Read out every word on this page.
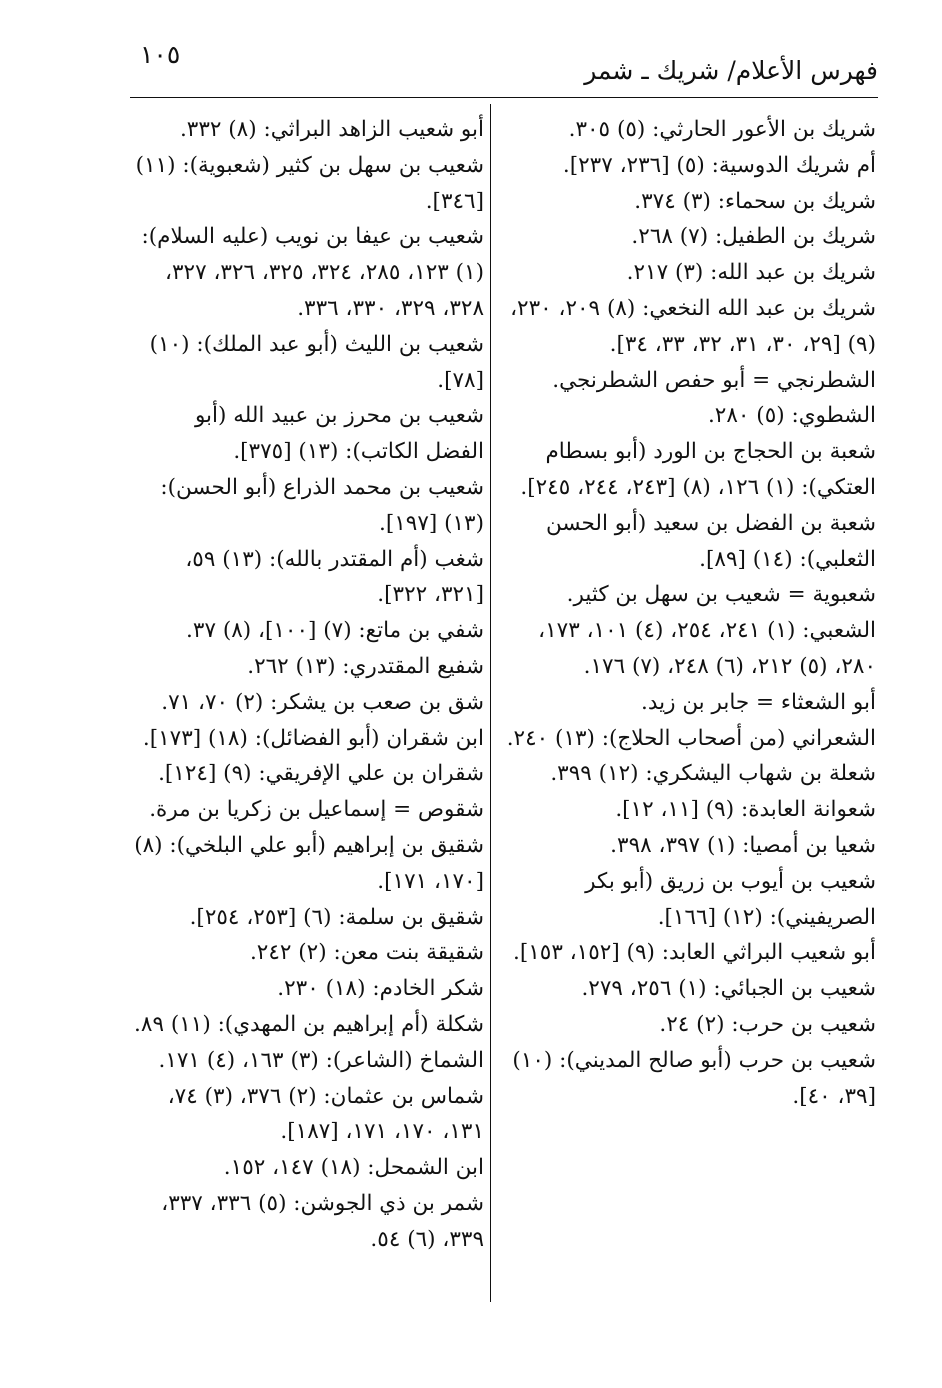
فهرس الأعلام/ شريك ـ شمر
١٠٥

شريك بن الأعور الحارثي: (٥) ٣٠٥.

أم شريك الدوسية: (٥) [٢٣٦، ٢٣٧].

شريك بن سحماء: (٣) ٣٧٤.

شريك بن الطفيل: (٧) ٢٦٨.

شريك بن عبد الله: (٣) ٢١٧.

شريك بن عبد الله النخعي: (٨) ٢٠٩، ٢٣٠، (٩) [٢٩، ٣٠، ٣١، ٣٢، ٣٣، ٣٤].

الشطرنجي = أبو حفص الشطرنجي.

الشطوي: (٥) ٢٨٠.

شعبة بن الحجاج بن الورد (أبو بسطام العتكي): (١) ١٢٦، (٨) [٢٤٣، ٢٤٤، ٢٤٥].

شعبة بن الفضل بن سعيد (أبو الحسن الثعلبي): (١٤) [٨٩].

شعبوية = شعيب بن سهل بن كثير.

الشعبي: (١) ٢٤١، ٢٥٤، (٤) ١٠١، ١٧٣، ٢٨٠، (٥) ٢١٢، (٦) ٢٤٨، (٧) ١٧٦.

أبو الشعثاء = جابر بن زيد.

الشعراني (من أصحاب الحلاج): (١٣) ٢٤٠.

شعلة بن شهاب اليشكري: (١٢) ٣٩٩.

شعوانة العابدة: (٩) [١١، ١٢].

شعيا بن أمصيا: (١) ٣٩٧، ٣٩٨.

شعيب بن أيوب بن زريق (أبو بكر الصريفيني): (١٢) [١٦٦].

أبو شعيب البراثي العابد: (٩) [١٥٢، ١٥٣].

شعيب بن الجبائي: (١) ٢٥٦، ٢٧٩.

شعيب بن حرب: (٢) ٢٤.

شعيب بن حرب (أبو صالح المديني): (١٠) [٣٩، ٤٠].

أبو شعيب الزاهد البراثي: (٨) ٣٣٢.

شعيب بن سهل بن كثير (شعبوية): (١١) [٣٤٦].

شعيب بن عيفا بن نويب (عليه السلام): (١) ١٢٣، ٢٨٥، ٣٢٤، ٣٢٥، ٣٢٦، ٣٢٧، ٣٢٨، ٣٢٩، ٣٣٠، ٣٣٦.

شعيب بن الليث (أبو عبد الملك): (١٠) [٧٨].

شعيب بن محرز بن عبيد الله (أبو الفضل الكاتب): (١٣) [٣٧٥].

شعيب بن محمد الذراع (أبو الحسن): (١٣) [١٩٧].

شغب (أم المقتدر بالله): (١٣) ٥٩، [٣٢١، ٣٢٢].

شفي بن ماتع: (٧) [١٠٠]، (٨) ٣٧.

شفيع المقتدري: (١٣) ٢٦٢.

شق بن صعب بن يشكر: (٢) ٧٠، ٧١.

ابن شقران (أبو الفضائل): (١٨) [١٧٣].

شقران بن علي الإفريقي: (٩) [١٢٤].

شقوص = إسماعيل بن زكريا بن مرة.

شقيق بن إبراهيم (أبو علي البلخي): (٨) [١٧٠، ١٧١].

شقيق بن سلمة: (٦) [٢٥٣، ٢٥٤].

شقيقة بنت معن: (٢) ٢٤٢.

شكر الخادم: (١٨) ٢٣٠.

شكلة (أم إبراهيم بن المهدي): (١١) ٨٩.

الشماخ (الشاعر): (٣) ١٦٣، (٤) ١٧١.

شماس بن عثمان: (٢) ٣٧٦، (٣) ٧٤، ١٣١، ١٧٠، ١٧١، [١٨٧].

ابن الشمحل: (١٨) ١٤٧، ١٥٢.

شمر بن ذي الجوشن: (٥) ٣٣٦، ٣٣٧، ٣٣٩، (٦) ٥٤.
